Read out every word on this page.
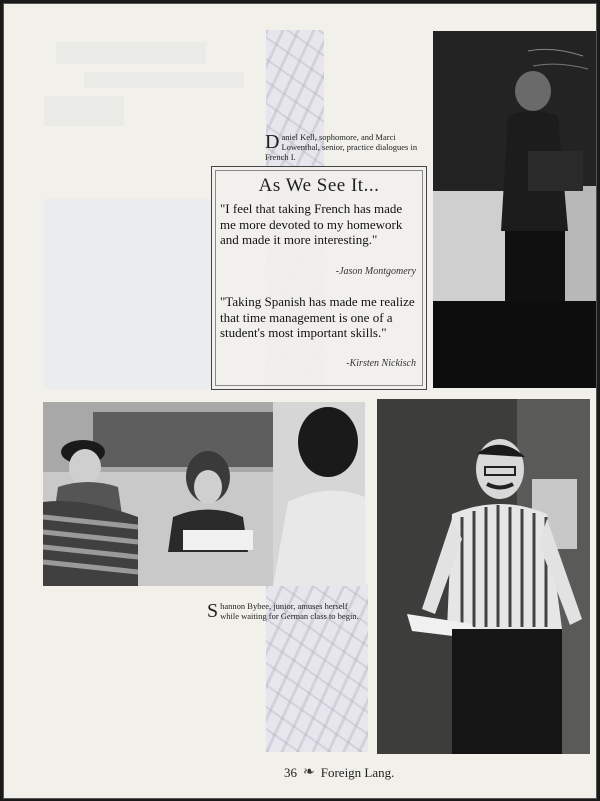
Daniel Kell, sophomore, and Marci Lowenthal, senior, practice dialogues in French I.
As We See It...
"I feel that taking French has made me more devoted to my homework and made it more interesting."
-Jason Montgomery
"Taking Spanish has made me realize that time management is one of a student's most important skills."
-Kirsten Nickisch
Shannon Bybee, junior, amuses herself while waiting for German class to begin.
36 ❧ Foreign Lang.
